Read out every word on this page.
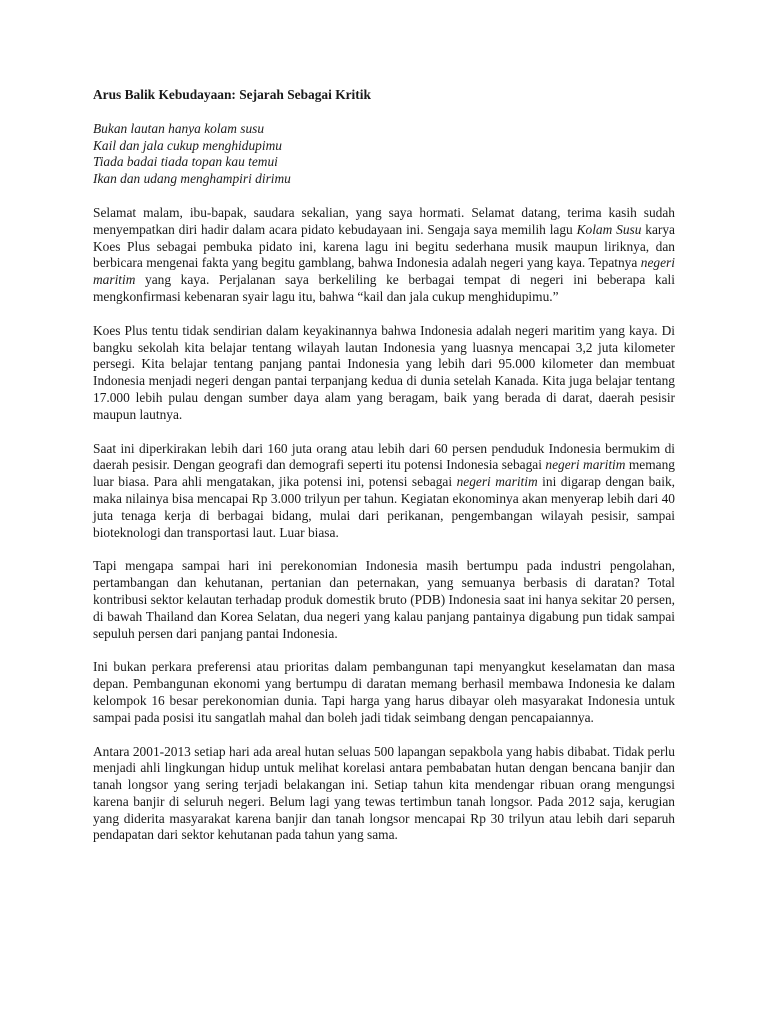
Arus Balik Kebudayaan: Sejarah Sebagai Kritik
Bukan lautan hanya kolam susu
Kail dan jala cukup menghidupimu
Tiada badai tiada topan kau temui
Ikan dan udang menghampiri dirimu

Selamat malam, ibu-bapak, saudara sekalian, yang saya hormati. Selamat datang, terima kasih sudah menyempatkan diri hadir dalam acara pidato kebudayaan ini. Sengaja saya memilih lagu Kolam Susu karya Koes Plus sebagai pembuka pidato ini, karena lagu ini begitu sederhana musik maupun liriknya, dan berbicara mengenai fakta yang begitu gamblang, bahwa Indonesia adalah negeri yang kaya. Tepatnya negeri maritim yang kaya. Perjalanan saya berkeliling ke berbagai tempat di negeri ini beberapa kali mengkonfirmasi kebenaran syair lagu itu, bahwa “kail dan jala cukup menghidupimu.”

Koes Plus tentu tidak sendirian dalam keyakinannya bahwa Indonesia adalah negeri maritim yang kaya. Di bangku sekolah kita belajar tentang wilayah lautan Indonesia yang luasnya mencapai 3,2 juta kilometer persegi. Kita belajar tentang panjang pantai Indonesia yang lebih dari 95.000 kilometer dan membuat Indonesia menjadi negeri dengan pantai terpanjang kedua di dunia setelah Kanada. Kita juga belajar tentang 17.000 lebih pulau dengan sumber daya alam yang beragam, baik yang berada di darat, daerah pesisir maupun lautnya.

Saat ini diperkirakan lebih dari 160 juta orang atau lebih dari 60 persen penduduk Indonesia bermukim di daerah pesisir. Dengan geografi dan demografi seperti itu potensi Indonesia sebagai negeri maritim memang luar biasa. Para ahli mengatakan, jika potensi ini, potensi sebagai negeri maritim ini digarap dengan baik, maka nilainya bisa mencapai Rp 3.000 trilyun per tahun. Kegiatan ekonominya akan menyerap lebih dari 40 juta tenaga kerja di berbagai bidang, mulai dari perikanan, pengembangan wilayah pesisir, sampai bioteknologi dan transportasi laut. Luar biasa.

Tapi mengapa sampai hari ini perekonomian Indonesia masih bertumpu pada industri pengolahan, pertambangan dan kehutanan, pertanian dan peternakan, yang semuanya berbasis di daratan? Total kontribusi sektor kelautan terhadap produk domestik bruto (PDB) Indonesia saat ini hanya sekitar 20 persen, di bawah Thailand dan Korea Selatan, dua negeri yang kalau panjang pantainya digabung pun tidak sampai sepuluh persen dari panjang pantai Indonesia.

Ini bukan perkara preferensi atau prioritas dalam pembangunan tapi menyangkut keselamatan dan masa depan. Pembangunan ekonomi yang bertumpu di daratan memang berhasil membawa Indonesia ke dalam kelompok 16 besar perekonomian dunia. Tapi harga yang harus dibayar oleh masyarakat Indonesia untuk sampai pada posisi itu sangatlah mahal dan boleh jadi tidak seimbang dengan pencapaiannya.

Antara 2001-2013 setiap hari ada areal hutan seluas 500 lapangan sepakbola yang habis dibabat. Tidak perlu menjadi ahli lingkungan hidup untuk melihat korelasi antara pembabatan hutan dengan bencana banjir dan tanah longsor yang sering terjadi belakangan ini. Setiap tahun kita mendengar ribuan orang mengungsi karena banjir di seluruh negeri. Belum lagi yang tewas tertimbun tanah longsor. Pada 2012 saja, kerugian yang diderita masyarakat karena banjir dan tanah longsor mencapai Rp 30 trilyun atau lebih dari separuh pendapatan dari sektor kehutanan pada tahun yang sama.
